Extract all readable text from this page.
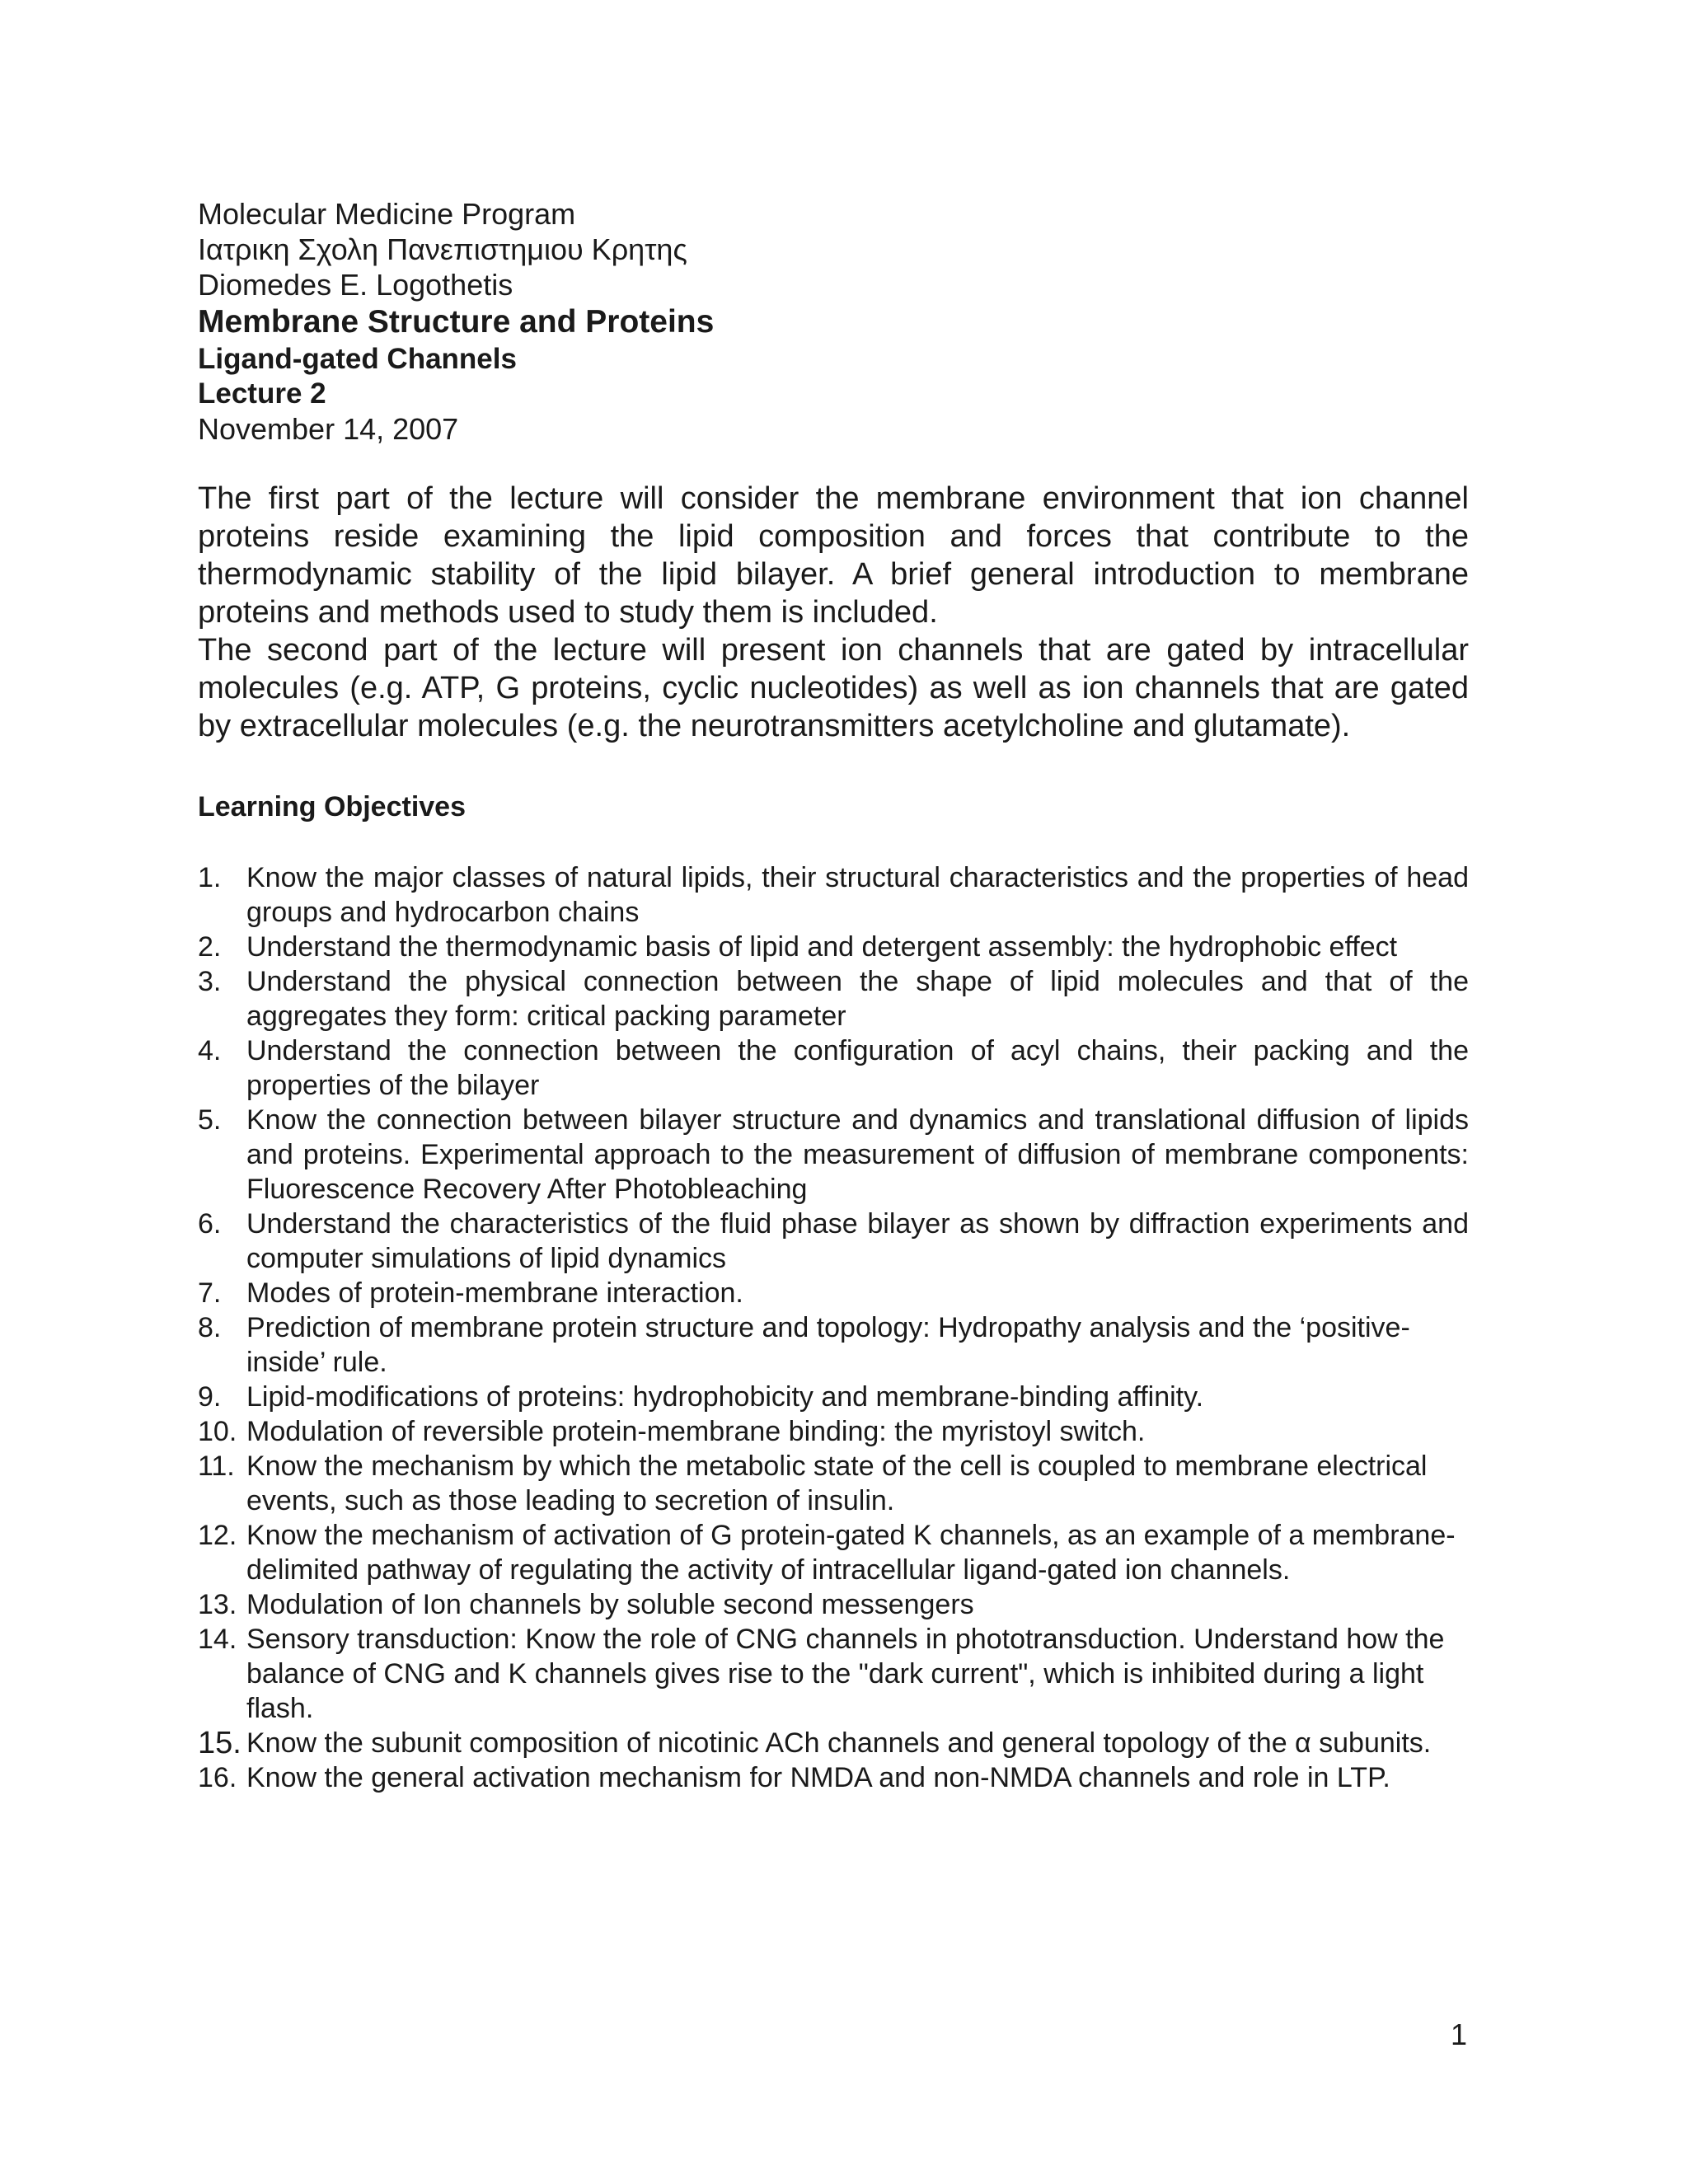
Molecular Medicine Program

Ιατρικη Σχολη Πανεπιστημιου Κρητης

Diomedes E. Logothetis

Membrane Structure and Proteins

Ligand-gated Channels

Lecture 2

November 14, 2007

The first part of the lecture will consider the membrane environment that ion channel proteins reside examining the lipid composition and forces that contribute to the thermodynamic stability of the lipid bilayer. A brief general introduction to membrane proteins and methods used to study them is included.

The second part of the lecture will present ion channels that are gated by intracellular molecules (e.g. ATP, G proteins, cyclic nucleotides) as well as ion channels that are gated by extracellular molecules (e.g. the neurotransmitters acetylcholine and glutamate).

Learning Objectives
1. Know the major classes of natural lipids, their structural characteristics and the properties of head groups and hydrocarbon chains
2. Understand the thermodynamic basis of lipid and detergent assembly: the hydrophobic effect
3. Understand the physical connection between the shape of lipid molecules and that of the aggregates they form: critical packing parameter
4. Understand the connection between the configuration of acyl chains, their packing and the properties of the bilayer
5. Know the connection between bilayer structure and dynamics and translational diffusion of lipids and proteins. Experimental approach to the measurement of diffusion of membrane components: Fluorescence Recovery After Photobleaching
6. Understand the characteristics of the fluid phase bilayer as shown by diffraction experiments and computer simulations of lipid dynamics
7. Modes of protein-membrane interaction.
8. Prediction of membrane protein structure and topology: Hydropathy analysis and the ‘positive-inside’ rule.
9. Lipid-modifications of proteins: hydrophobicity and membrane-binding affinity.
10. Modulation of reversible protein-membrane binding: the myristoyl switch.
11. Know the mechanism by which the metabolic state of the cell is coupled to membrane electrical events, such as those leading to secretion of insulin.
12. Know the mechanism of activation of G protein-gated K channels, as an example of a membrane-delimited pathway of regulating the activity of intracellular ligand-gated ion channels.
13. Modulation of Ion channels by soluble second messengers
14. Sensory transduction: Know the role of CNG channels in phototransduction. Understand how the balance of CNG and K channels gives rise to the "dark current", which is inhibited during a light flash.
15. Know the subunit composition of nicotinic ACh channels and general topology of the α subunits.
16. Know the general activation mechanism for NMDA and non-NMDA channels and role in LTP.
1
